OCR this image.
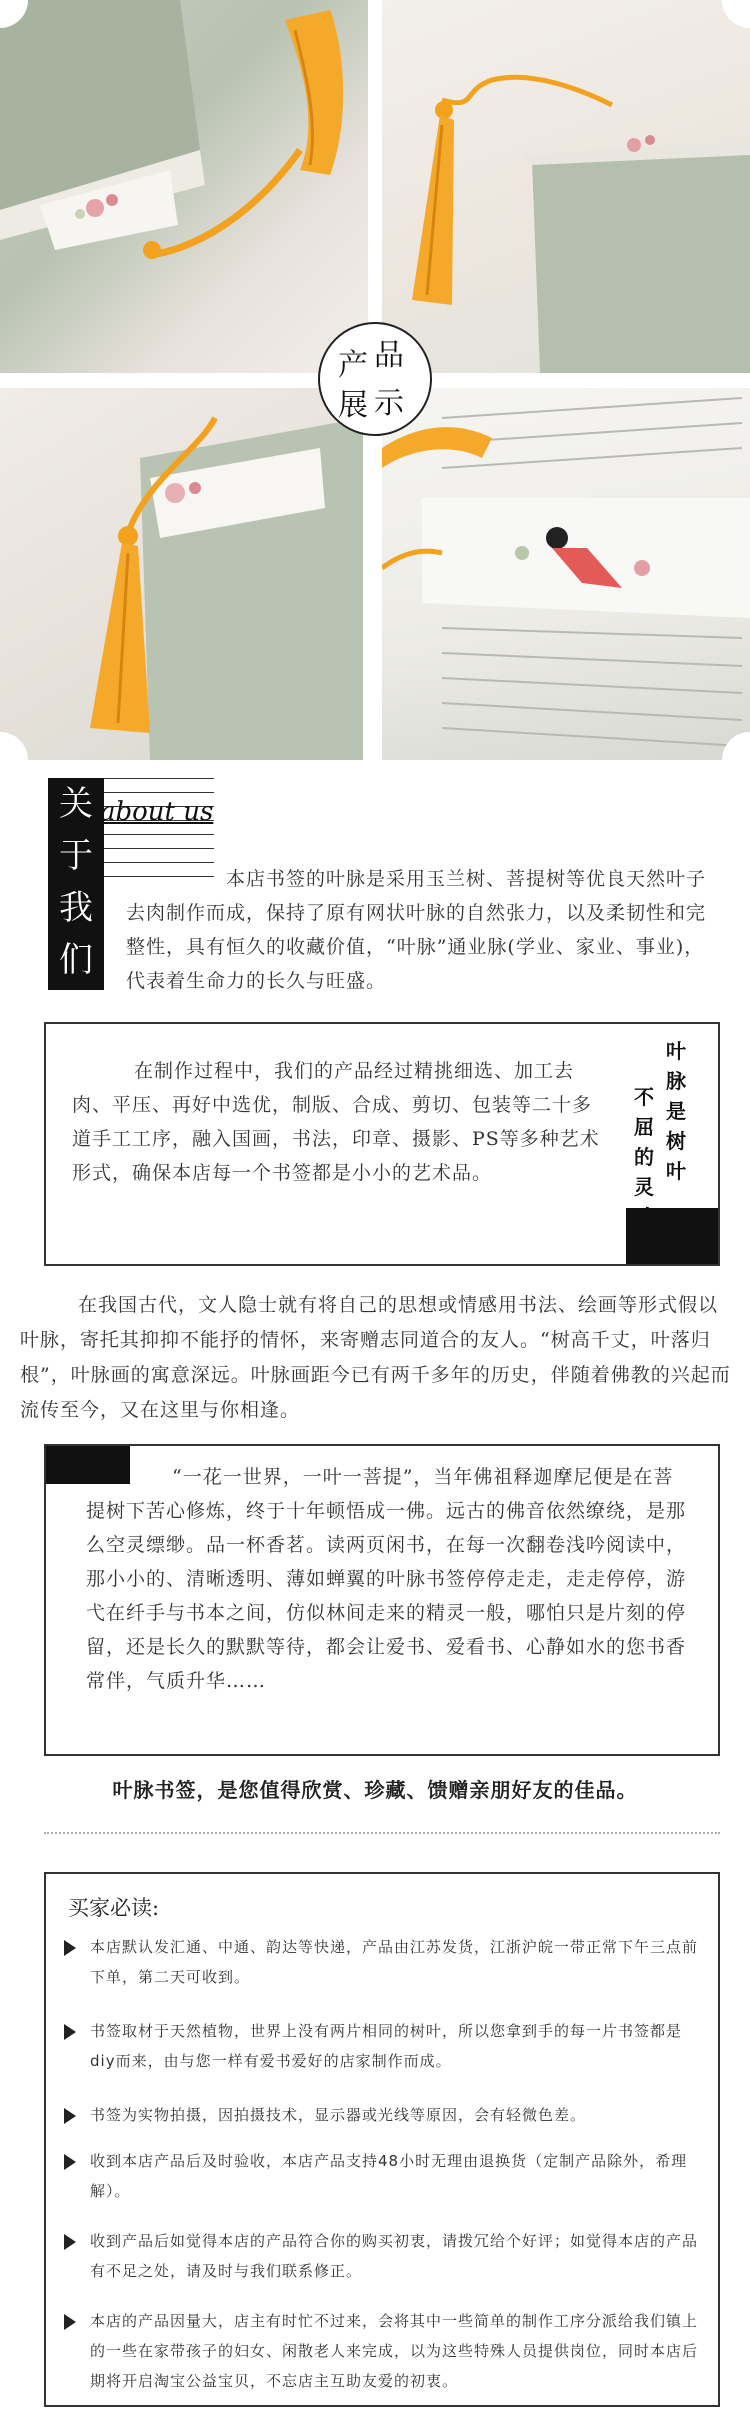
产 品
展 示
关
于
我
们
about us
本店书签的叶脉是采用玉兰树、菩提树等优良天然叶子去肉制作而成，保持了原有网状叶脉的自然张力，以及柔韧性和完整性，具有恒久的收藏价值，“叶脉”通业脉(学业、家业、事业)，代表着生命力的长久与旺盛。
在制作过程中，我们的产品经过精挑细选、加工去肉、平压、再好中选优，制版、合成、剪切、包装等二十多道手工工序，融入国画，书法，印章、摄影、PS等多种艺术形式，确保本店每一个书签都是小小的艺术品。
叶
脉
是
树
叶
不
屈
的
灵
在我国古代，文人隐士就有将自己的思想或情感用书法、绘画等形式假以叶脉，寄托其抑抑不能抒的情怀，来寄赠志同道合的友人。“树高千丈，叶落归根”，叶脉画的寓意深远。叶脉画距今已有两千多年的历史，伴随着佛教的兴起而流传至今，又在这里与你相逢。
“一花一世界，一叶一菩提”，当年佛祖释迦摩尼便是在菩提树下苦心修炼，终于十年顿悟成一佛。远古的佛音依然缭绕，是那么空灵缥缈。品一杯香茗。读两页闲书，在每一次翻卷浅吟阅读中，那小小的、清晰透明、薄如蝉翼的叶脉书签停停走走，走走停停，游弋在纤手与书本之间，仿似林间走来的精灵一般，哪怕只是片刻的停留，还是长久的默默等待，都会让爱书、爱看书、心静如水的您书香常伴，气质升华……
叶脉书签，是您值得欣赏、珍藏、馈赠亲朋好友的佳品。
买家必读:

本店默认发汇通、中通、韵达等快递，产品由江苏发货，江浙沪皖一带正常下午三点前下单，第二天可收到。

书签取材于天然植物，世界上没有两片相同的树叶，所以您拿到手的每一片书签都是diy而来，由与您一样有爱书爱好的店家制作而成。

书签为实物拍摄，因拍摄技术，显示器或光线等原因，会有轻微色差。

收到本店产品后及时验收，本店产品支持48小时无理由退换货（定制产品除外，希理解）。

收到产品后如觉得本店的产品符合你的购买初衷，请拨冗给个好评；如觉得本店的产品有不足之处，请及时与我们联系修正。

本店的产品因量大，店主有时忙不过来，会将其中一些简单的制作工序分派给我们镇上的一些在家带孩子的妇女、闲散老人来完成，以为这些特殊人员提供岗位，同时本店后期将开启淘宝公益宝贝，不忘店主互助友爱的初衷。
